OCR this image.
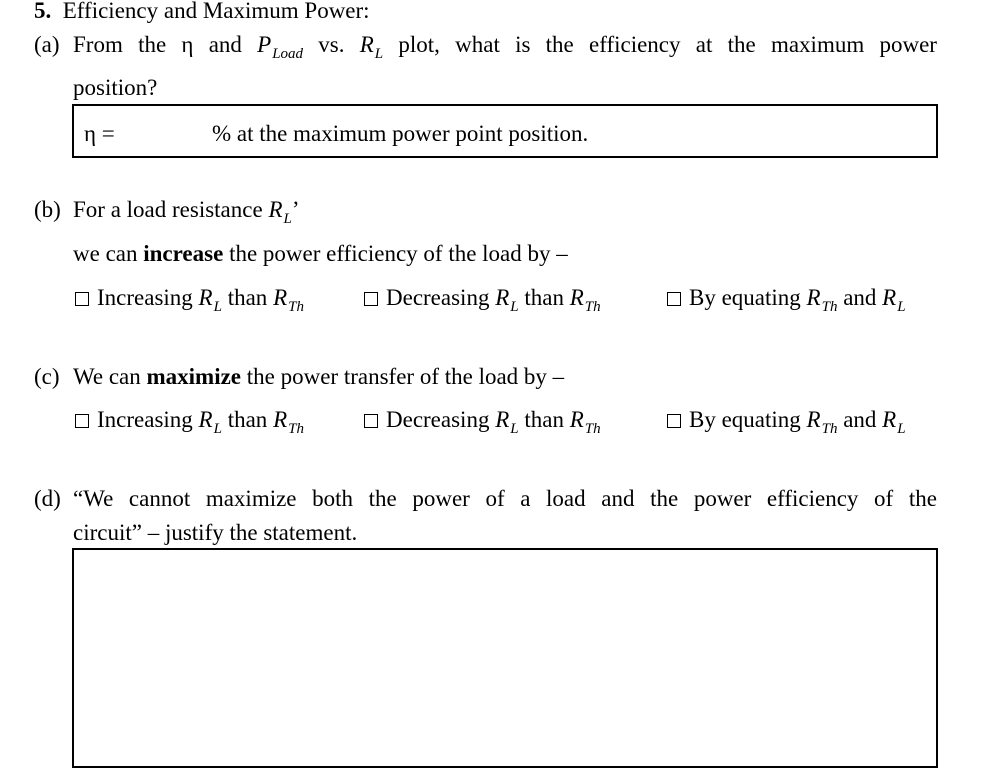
5. Efficiency and Maximum Power:
(a) From the η and $P_{Load}$ vs. $R_L$ plot, what is the efficiency at the maximum power
position?
η =	% at the maximum power point position.
(b) For a load resistance $R_L$’
we can increase the power efficiency of the load by –
Increasing $R_L$ than $R_{Th}$	Decreasing $R_L$ than $R_{Th}$	By equating $R_{Th}$ and $R_L$
(c) We can maximize the power transfer of the load by –
Increasing $R_L$ than $R_{Th}$	Decreasing $R_L$ than $R_{Th}$	By equating $R_{Th}$ and $R_L$
(d) “We cannot maximize both the power of a load and the power efficiency of the
circuit” – justify the statement.
